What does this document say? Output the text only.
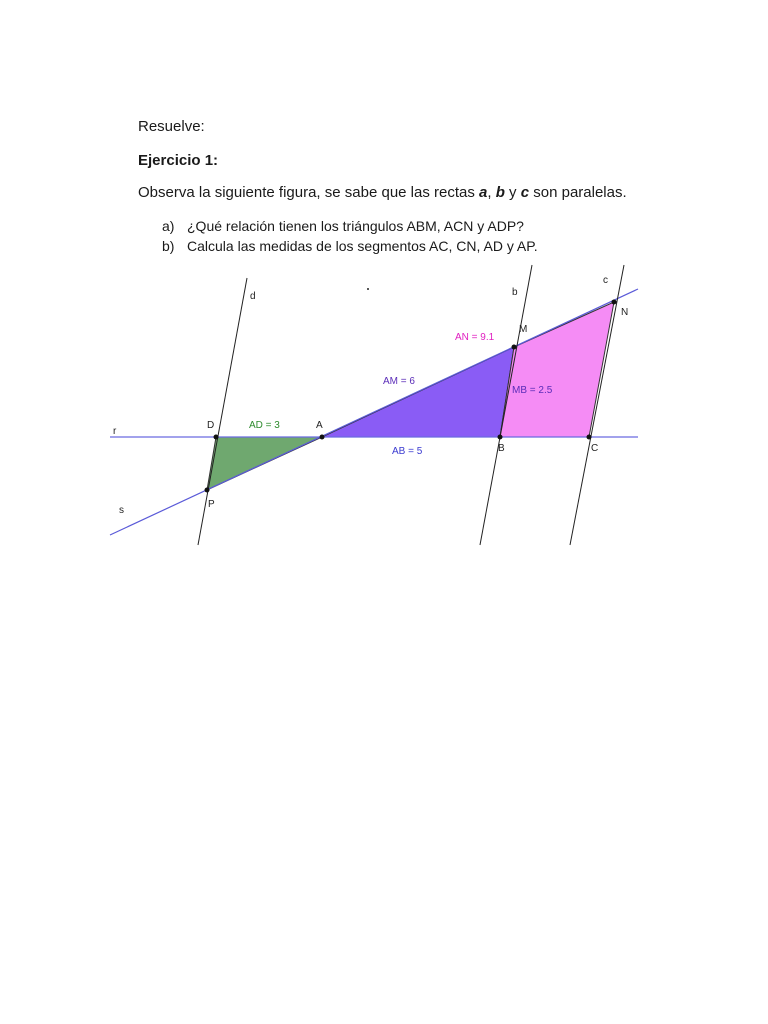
Resuelve:
Ejercicio 1:
Observa la siguiente figura, se sabe que las rectas a, b y c son paralelas.
a) ¿Qué relación tienen los triángulos ABM, ACN y ADP?
b) Calcula las medidas de los segmentos AC, CN, AD y AP.
r
s
d	b
c
D	A
B	C
M
N
P
AD = 3
AM = 6
AB = 5
AN = 9.1
MB = 2.5
